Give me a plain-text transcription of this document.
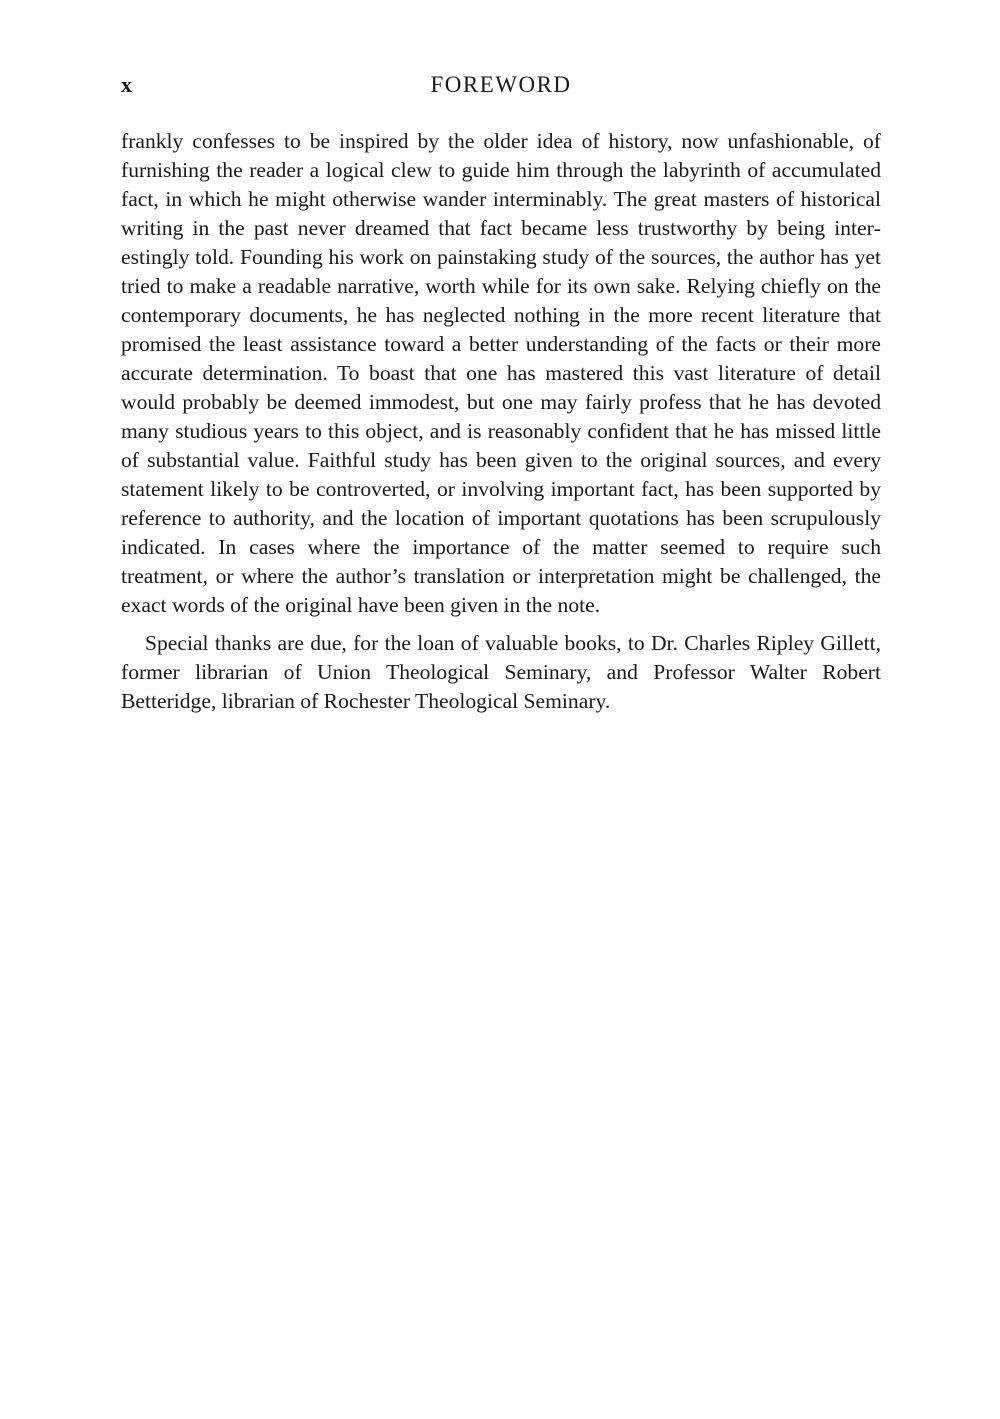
x	FOREWORD

frankly confesses to be inspired by the older idea of history, now unfashionable, of furnishing the reader a logical clew to guide him through the labyrinth of accumulated fact, in which he might otherwise wander interminably. The great masters of historical writing in the past never dreamed that fact became less trustworthy by being interestingly told. Founding his work on painstaking study of the sources, the author has yet tried to make a readable narrative, worth while for its own sake. Relying chiefly on the contemporary documents, he has neglected nothing in the more recent literature that promised the least assistance toward a better understanding of the facts or their more accurate determination. To boast that one has mastered this vast literature of detail would probably be deemed immodest, but one may fairly profess that he has devoted many studious years to this object, and is reasonably confident that he has missed little of substantial value. Faithful study has been given to the original sources, and every statement likely to be controverted, or involving important fact, has been supported by reference to authority, and the location of important quotations has been scrupulously indicated. In cases where the importance of the matter seemed to require such treatment, or where the author’s translation or interpretation might be challenged, the exact words of the original have been given in the note.

Special thanks are due, for the loan of valuable books, to Dr. Charles Ripley Gillett, former librarian of Union Theological Seminary, and Professor Walter Robert Betteridge, librarian of Rochester Theological Seminary.
